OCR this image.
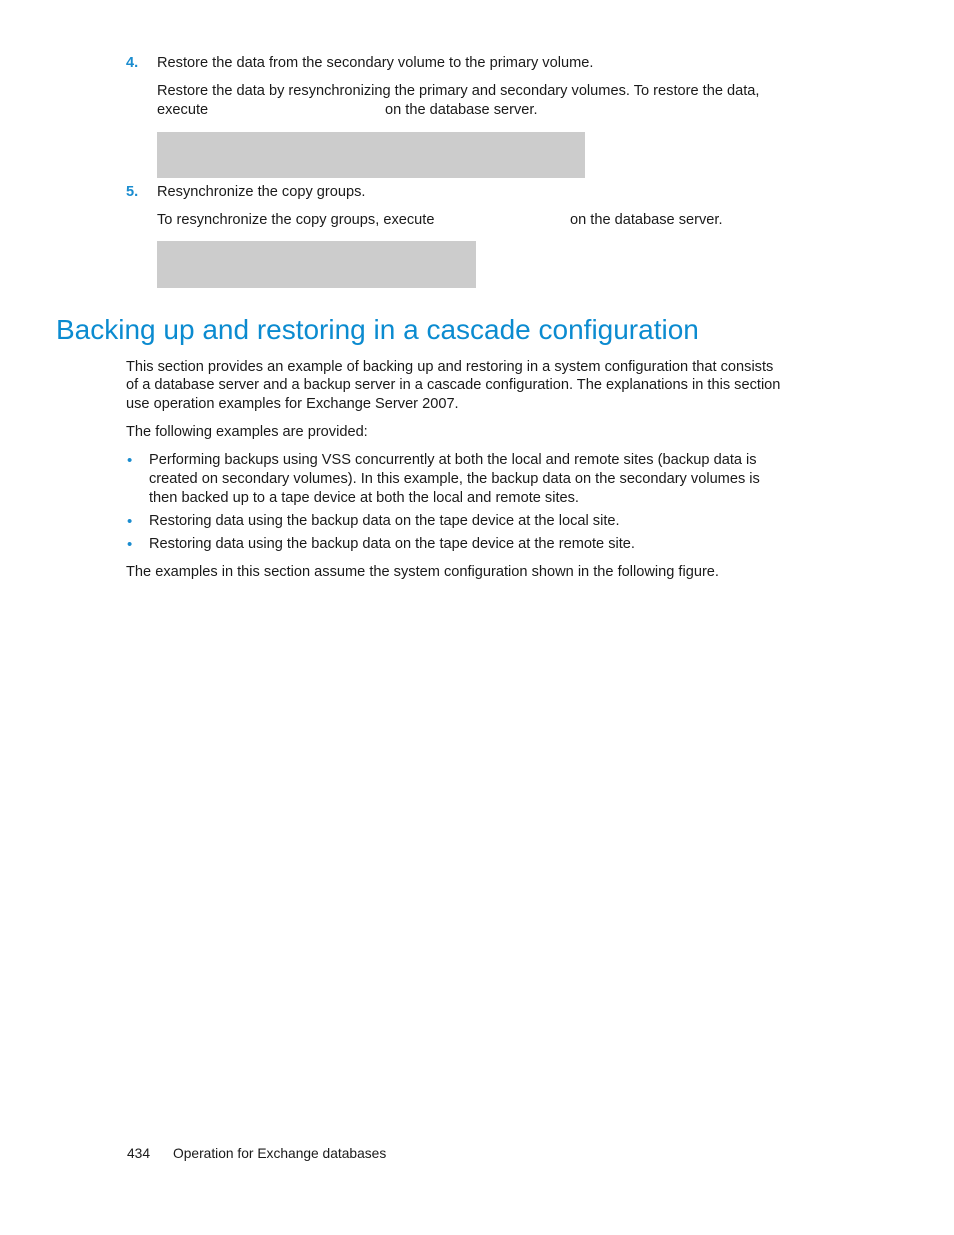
4. Restore the data from the secondary volume to the primary volume.
Restore the data by resynchronizing the primary and secondary volumes. To restore the data,
execute	on the database server.
5. Resynchronize the copy groups.
To resynchronize the copy groups, execute	on the database server.
Backing up and restoring in a cascade configuration
This section provides an example of backing up and restoring in a system configuration that consists
of a database server and a backup server in a cascade configuration. The explanations in this section
use operation examples for Exchange Server 2007.
The following examples are provided:
• Performing backups using VSS concurrently at both the local and remote sites (backup data is
created on secondary volumes). In this example, the backup data on the secondary volumes is
then backed up to a tape device at both the local and remote sites.
• Restoring data using the backup data on the tape device at the local site.
• Restoring data using the backup data on the tape device at the remote site.
The examples in this section assume the system configuration shown in the following figure.
434 Operation for Exchange databases
